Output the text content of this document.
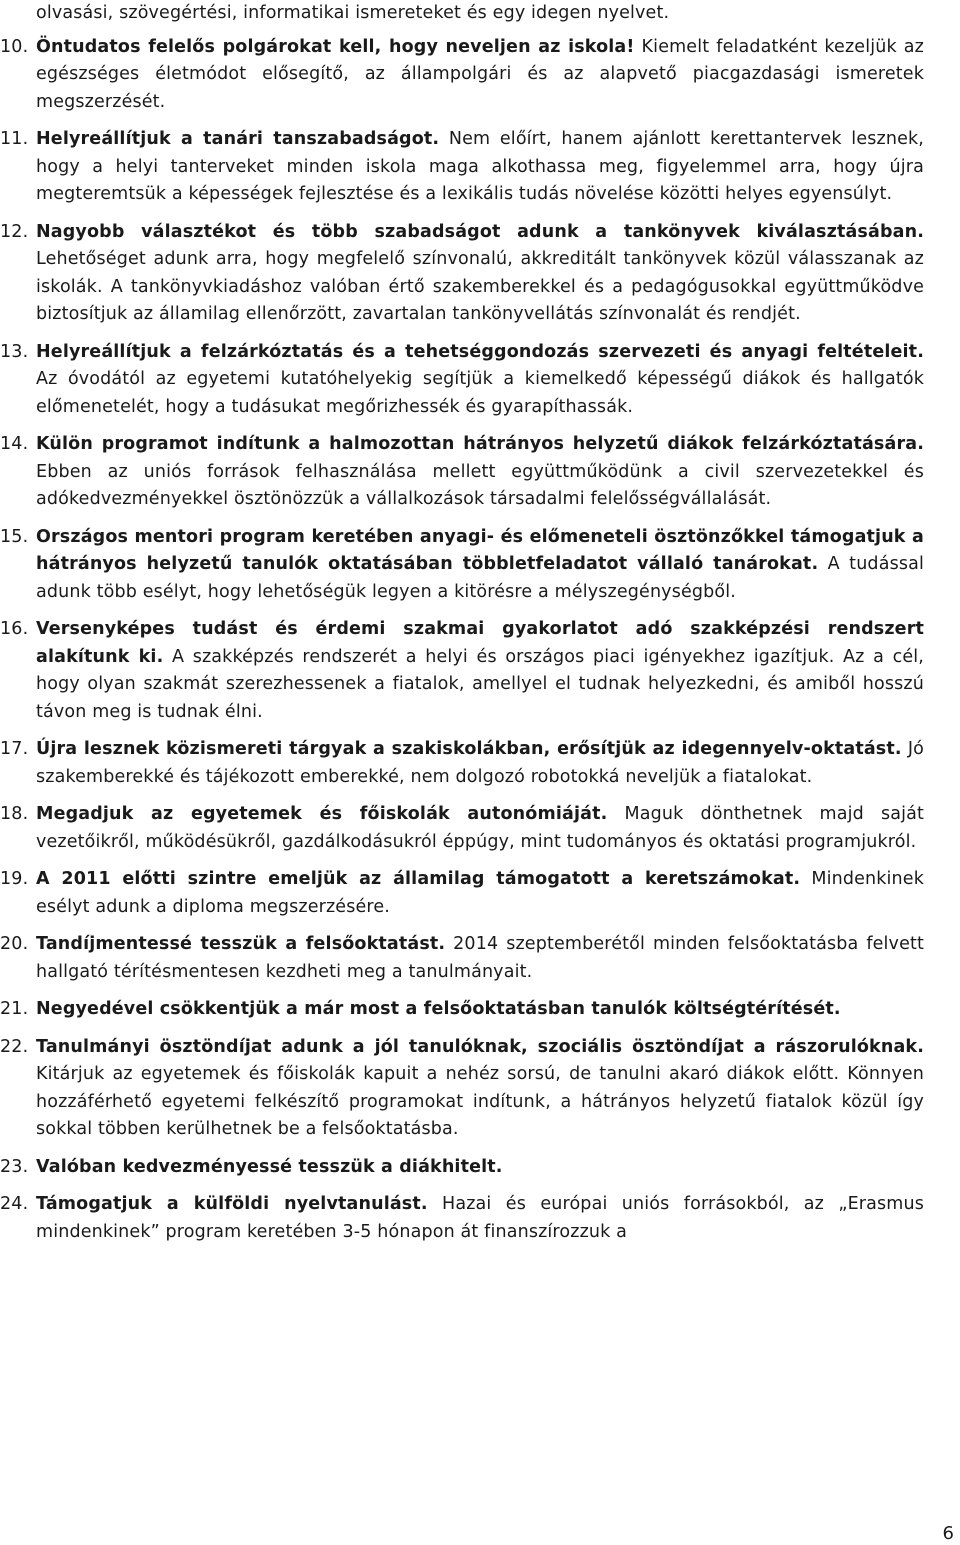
olvasási, szövegértési, informatikai ismereteket és egy idegen nyelvet.

10. Öntudatos felelős polgárokat kell, hogy neveljen az iskola! Kiemelt feladatként kezeljük az egészséges életmódot elősegítő, az állampolgári és az alapvető piacgazdasági ismeretek megszerzését.
11. Helyreállítjuk a tanári tanszabadságot. Nem előírt, hanem ajánlott kerettantervek lesznek, hogy a helyi tanterveket minden iskola maga alkothassa meg, figyelemmel arra, hogy újra megteremtsük a képességek fejlesztése és a lexikális tudás növelése közötti helyes egyensúlyt.
12. Nagyobb választékot és több szabadságot adunk a tankönyvek kiválasztásában. Lehetőséget adunk arra, hogy megfelelő színvonalú, akkreditált tankönyvek közül válasszanak az iskolák. A tankönyvkiadáshoz valóban értő szakemberekkel és a pedagógusokkal együttműködve biztosítjuk az államilag ellenőrzött, zavartalan tankönyvellátás színvonalát és rendjét.
13. Helyreállítjuk a felzárkóztatás és a tehetséggondozás szervezeti és anyagi feltételeit. Az óvodától az egyetemi kutatóhelyekig segítjük a kiemelkedő képességű diákok és hallgatók előmenetelét, hogy a tudásukat megőrizhessék és gyarapíthassák.
14. Külön programot indítunk a halmozottan hátrányos helyzetű diákok felzárkóztatására. Ebben az uniós források felhasználása mellett együttműködünk a civil szervezetekkel és adókedvezményekkel ösztönözzük a vállalkozások társadalmi felelősségvállalását.
15. Országos mentori program keretében anyagi- és előmeneteli ösztönzőkkel támogatjuk a hátrányos helyzetű tanulók oktatásában többletfeladatot vállaló tanárokat. A tudással adunk több esélyt, hogy lehetőségük legyen a kitörésre a mélyszegénységből.
16. Versenyképes tudást és érdemi szakmai gyakorlatot adó szakképzési rendszert alakítunk ki. A szakképzés rendszerét a helyi és országos piaci igényekhez igazítjuk. Az a cél, hogy olyan szakmát szerezhessenek a fiatalok, amellyel el tudnak helyezkedni, és amiből hosszú távon meg is tudnak élni.
17. Újra lesznek közismereti tárgyak a szakiskolákban, erősítjük az idegennyelv-oktatást. Jó szakemberekké és tájékozott emberekké, nem dolgozó robotokká neveljük a fiatalokat.
18. Megadjuk az egyetemek és főiskolák autonómiáját. Maguk dönthetnek majd saját vezetőikről, működésükről, gazdálkodásukról éppúgy, mint tudományos és oktatási programjukról.
19. A 2011 előtti szintre emeljük az államilag támogatott a keretszámokat. Mindenkinek esélyt adunk a diploma megszerzésére.
20. Tandíjmentessé tesszük a felsőoktatást. 2014 szeptemberétől minden felsőoktatásba felvett hallgató térítésmentesen kezdheti meg a tanulmányait.
21. Negyedével csökkentjük a már most a felsőoktatásban tanulók költségtérítését.
22. Tanulmányi ösztöndíjat adunk a jól tanulóknak, szociális ösztöndíjat a rászorulóknak. Kitárjuk az egyetemek és főiskolák kapuit a nehéz sorsú, de tanulni akaró diákok előtt. Könnyen hozzáférhető egyetemi felkészítő programokat indítunk, a hátrányos helyzetű fiatalok közül így sokkal többen kerülhetnek be a felsőoktatásba.
23. Valóban kedvezményessé tesszük a diákhitelt.
24. Támogatjuk a külföldi nyelvtanulást. Hazai és európai uniós forrásokból, az „Erasmus mindenkinek” program keretében 3-5 hónapon át finanszírozzuk a
6
